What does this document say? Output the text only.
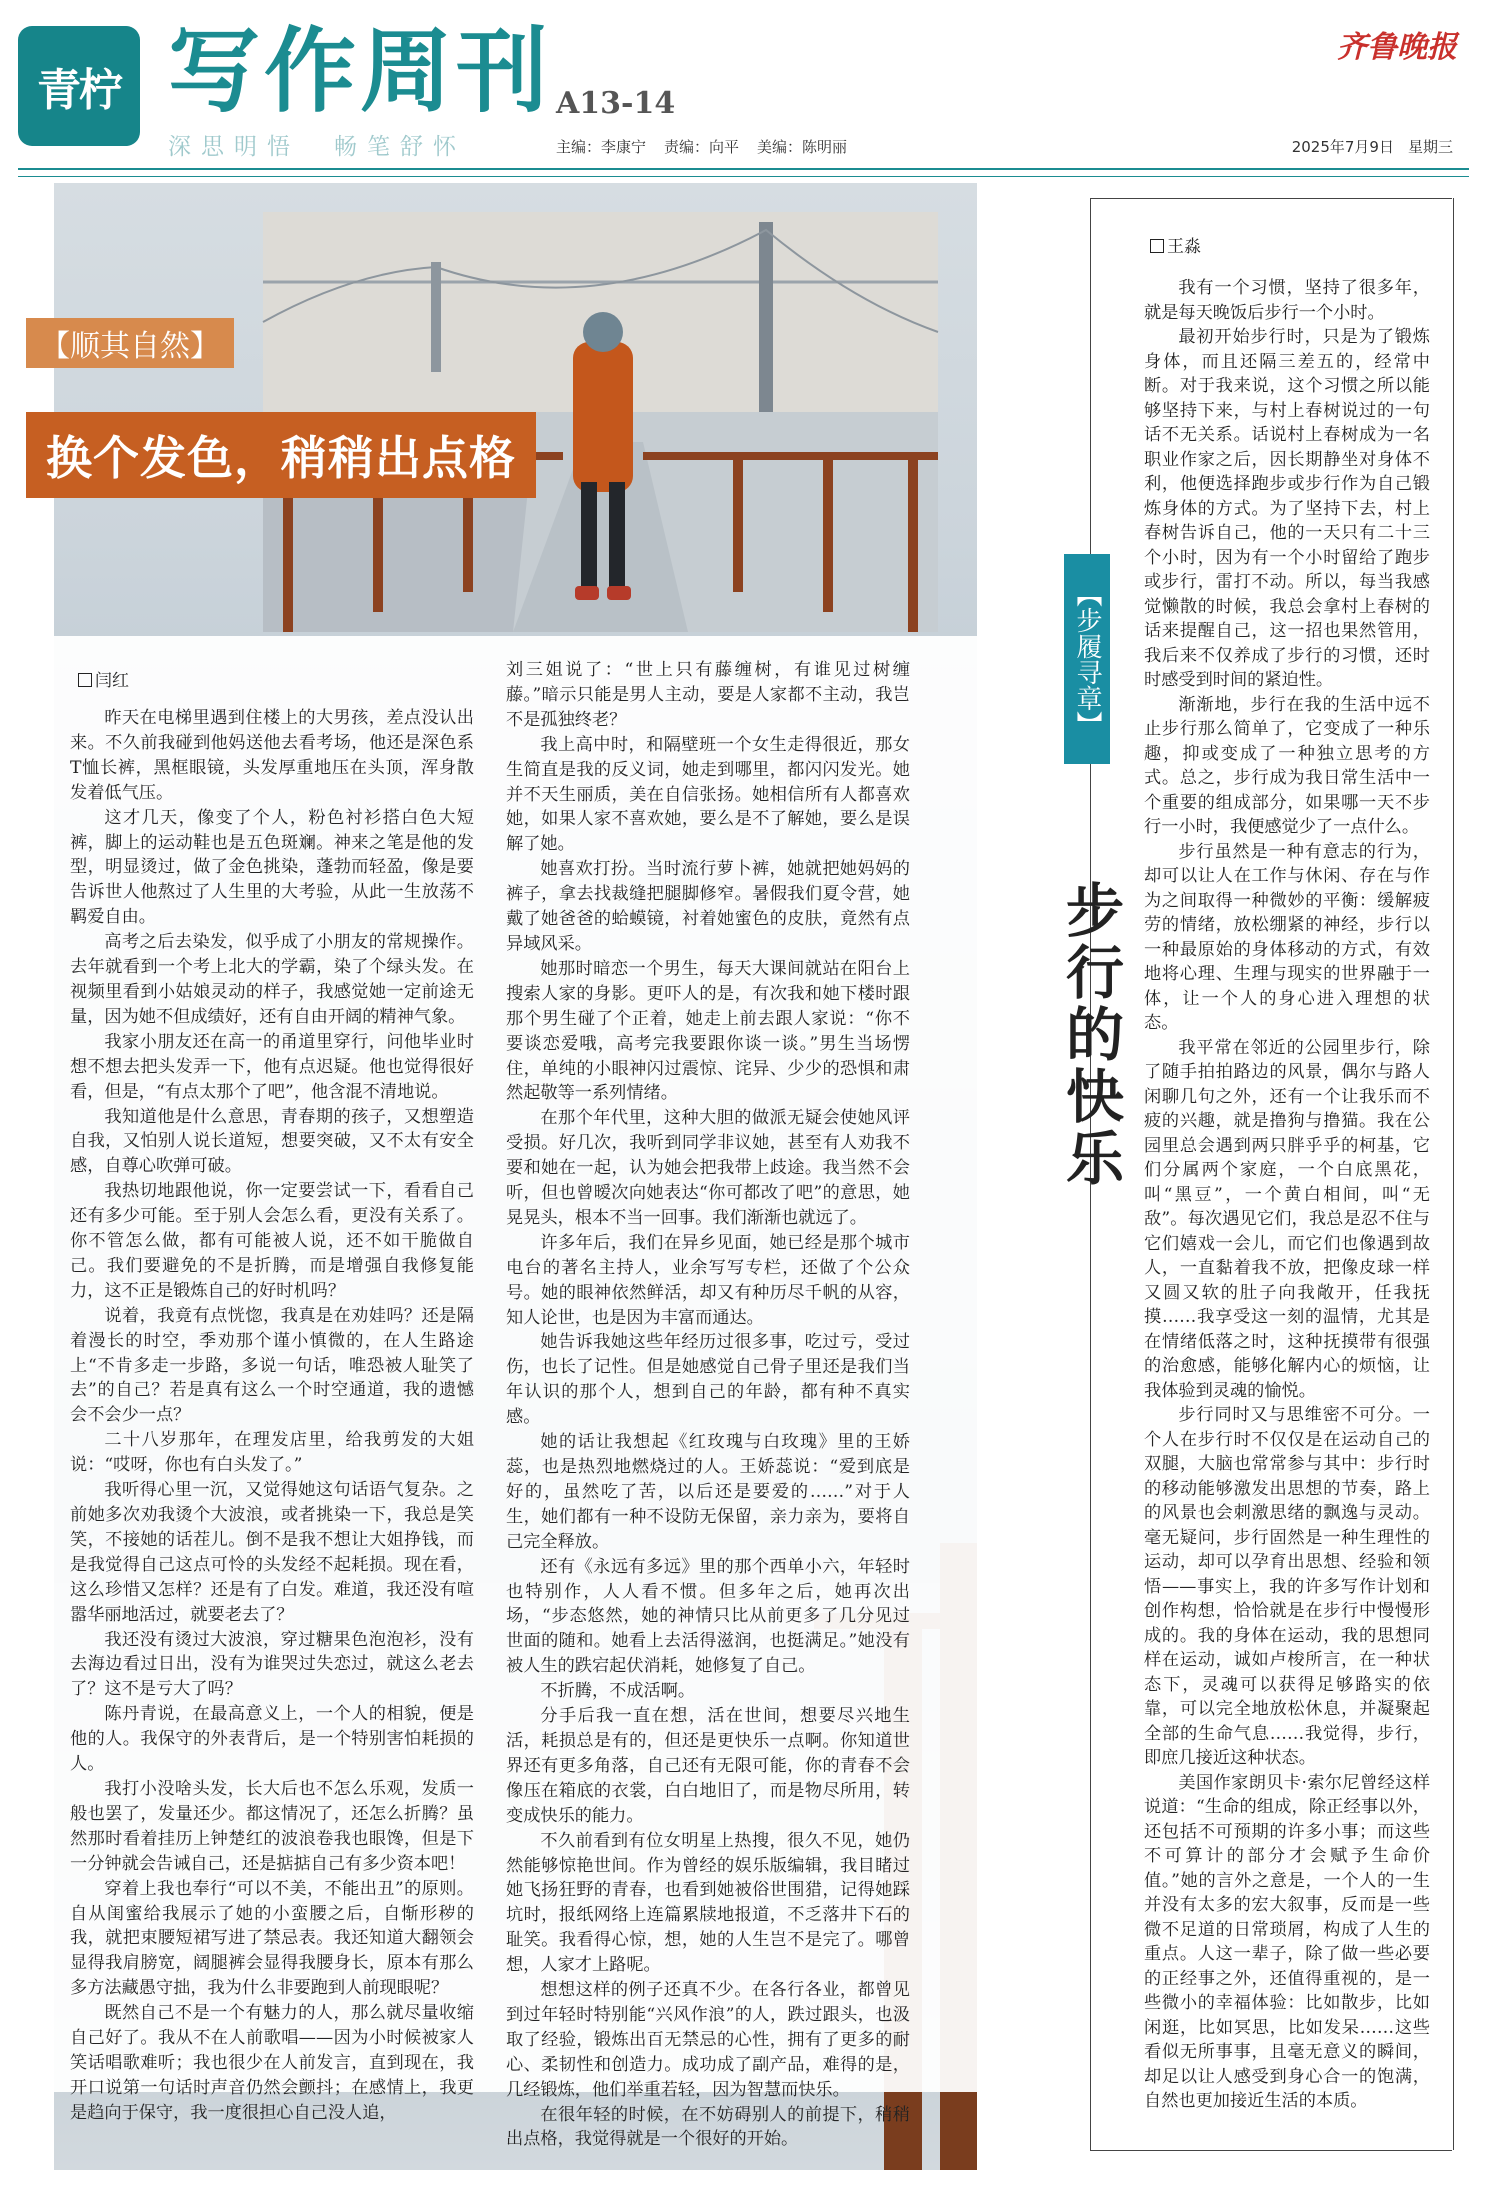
青柠 写作周刊 A13-14
深思明悟 畅笔舒怀	主编：李康宁 责编：向平 美编：陈明丽
齐鲁晚报
2025年7月9日 星期三
【顺其自然】
换个发色，稍稍出点格
闫红

昨天在电梯里遇到住楼上的大男孩，差点没认出来。不久前我碰到他妈送他去看考场，他还是深色系T恤长裤，黑框眼镜，头发厚重地压在头顶，浑身散发着低气压。

这才几天，像变了个人，粉色衬衫搭白色大短裤，脚上的运动鞋也是五色斑斓。神来之笔是他的发型，明显烫过，做了金色挑染，蓬勃而轻盈，像是要告诉世人他熬过了人生里的大考验，从此一生放荡不羁爱自由。

高考之后去染发，似乎成了小朋友的常规操作。去年就看到一个考上北大的学霸，染了个绿头发。在视频里看到小姑娘灵动的样子，我感觉她一定前途无量，因为她不但成绩好，还有自由开阔的精神气象。

我家小朋友还在高一的甬道里穿行，问他毕业时想不想去把头发弄一下，他有点迟疑。他也觉得很好看，但是，“有点太那个了吧”，他含混不清地说。

我知道他是什么意思，青春期的孩子，又想塑造自我，又怕别人说长道短，想要突破，又不太有安全感，自尊心吹弹可破。

我热切地跟他说，你一定要尝试一下，看看自己还有多少可能。至于别人会怎么看，更没有关系了。你不管怎么做，都有可能被人说，还不如干脆做自己。我们要避免的不是折腾，而是增强自我修复能力，这不正是锻炼自己的好时机吗？

说着，我竟有点恍惚，我真是在劝娃吗？还是隔着漫长的时空，季劝那个谨小慎微的，在人生路途上“不肯多走一步路，多说一句话，唯恐被人耻笑了去”的自己？若是真有这么一个时空通道，我的遗憾会不会少一点？

二十八岁那年，在理发店里，给我剪发的大姐说：“哎呀，你也有白头发了。”

我听得心里一沉，又觉得她这句话语气复杂。之前她多次劝我烫个大波浪，或者挑染一下，我总是笑笑，不接她的话茬儿。倒不是我不想让大姐挣钱，而是我觉得自己这点可怜的头发经不起耗损。现在看，这么珍惜又怎样？还是有了白发。难道，我还没有喧嚣华丽地活过，就要老去了？

我还没有烫过大波浪，穿过糖果色泡泡衫，没有去海边看过日出，没有为谁哭过失恋过，就这么老去了？这不是亏大了吗？

陈丹青说，在最高意义上，一个人的相貌，便是他的人。我保守的外表背后，是一个特别害怕耗损的人。

我打小没啥头发，长大后也不怎么乐观，发质一般也罢了，发量还少。都这情况了，还怎么折腾？虽然那时看着挂历上钟楚红的波浪卷我也眼馋，但是下一分钟就会告诫自己，还是掂掂自己有多少资本吧！

穿着上我也奉行“可以不美，不能出丑”的原则。自从闺蜜给我展示了她的小蛮腰之后，自惭形秽的我，就把束腰短裙写进了禁忌表。我还知道大翻领会显得我肩膀宽，阔腿裤会显得我腰身长，原本有那么多方法藏愚守拙，我为什么非要跑到人前现眼呢？

既然自己不是一个有魅力的人，那么就尽量收缩自己好了。我从不在人前歌唱——因为小时候被家人笑话唱歌难听；我也很少在人前发言，直到现在，我开口说第一句话时声音仍然会颤抖；在感情上，我更是趋向于保守，我一度很担心自己没人追，

刘三姐说了：“世上只有藤缠树，有谁见过树缠藤。”暗示只能是男人主动，要是人家都不主动，我岂不是孤独终老？

我上高中时，和隔壁班一个女生走得很近，那女生简直是我的反义词，她走到哪里，都闪闪发光。她并不天生丽质，美在自信张扬。她相信所有人都喜欢她，如果人家不喜欢她，要么是不了解她，要么是误解了她。

她喜欢打扮。当时流行萝卜裤，她就把她妈妈的裤子，拿去找裁缝把腿脚修窄。暑假我们夏令营，她戴了她爸爸的蛤蟆镜，衬着她蜜色的皮肤，竟然有点异域风采。

她那时暗恋一个男生，每天大课间就站在阳台上搜索人家的身影。更吓人的是，有次我和她下楼时跟那个男生碰了个正着，她走上前去跟人家说：“你不要谈恋爱哦，高考完我要跟你谈一谈。”男生当场愣住，单纯的小眼神闪过震惊、诧异、少少的恐惧和肃然起敬等一系列情绪。

在那个年代里，这种大胆的做派无疑会使她风评受损。好几次，我听到同学非议她，甚至有人劝我不要和她在一起，认为她会把我带上歧途。我当然不会听，但也曾暧次向她表达“你可都改了吧”的意思，她晃晃头，根本不当一回事。我们渐渐也就远了。

许多年后，我们在异乡见面，她已经是那个城市电台的著名主持人，业余写写专栏，还做了个公众号。她的眼神依然鲜活，却又有种历尽千帆的从容，知人论世，也是因为丰富而通达。

她告诉我她这些年经历过很多事，吃过亏，受过伤，也长了记性。但是她感觉自己骨子里还是我们当年认识的那个人，想到自己的年龄，都有种不真实感。

她的话让我想起《红玫瑰与白玫瑰》里的王娇蕊，也是热烈地燃烧过的人。王娇蕊说：“爱到底是好的，虽然吃了苦，以后还是要爱的……”对于人生，她们都有一种不设防无保留，亲力亲为，要将自己完全释放。

还有《永远有多远》里的那个西单小六，年轻时也特别作，人人看不惯。但多年之后，她再次出场，“步态悠然，她的神情只比从前更多了几分见过世面的随和。她看上去活得滋润，也挺满足。”她没有被人生的跌宕起伏消耗，她修复了自己。

不折腾，不成活啊。

分手后我一直在想，活在世间，想要尽兴地生活，耗损总是有的，但还是更快乐一点啊。你知道世界还有更多角落，自己还有无限可能，你的青春不会像压在箱底的衣裳，白白地旧了，而是物尽所用，转变成快乐的能力。

不久前看到有位女明星上热搜，很久不见，她仍然能够惊艳世间。作为曾经的娱乐版编辑，我目睹过她飞扬狂野的青春，也看到她被俗世围猎，记得她踩坑时，报纸网络上连篇累牍地报道，不乏落井下石的耻笑。我看得心惊，想，她的人生岂不是完了。哪曾想，人家才上路呢。

想想这样的例子还真不少。在各行各业，都曾见到过年轻时特别能“兴风作浪”的人，跌过跟头，也汲取了经验，锻炼出百无禁忌的心性，拥有了更多的耐心、柔韧性和创造力。成功成了副产品，难得的是，几经锻炼，他们举重若轻，因为智慧而快乐。

在很年轻的时候，在不妨碍别人的前提下，稍稍出点格，我觉得就是一个很好的开始。

【步履寻章】
步行的快乐
王淼

我有一个习惯，坚持了很多年，就是每天晚饭后步行一个小时。

最初开始步行时，只是为了锻炼身体，而且还隔三差五的，经常中断。对于我来说，这个习惯之所以能够坚持下来，与村上春树说过的一句话不无关系。话说村上春树成为一名职业作家之后，因长期静坐对身体不利，他便选择跑步或步行作为自己锻炼身体的方式。为了坚持下去，村上春树告诉自己，他的一天只有二十三个小时，因为有一个小时留给了跑步或步行，雷打不动。所以，每当我感觉懒散的时候，我总会拿村上春树的话来提醒自己，这一招也果然管用，我后来不仅养成了步行的习惯，还时时感受到时间的紧迫性。

渐渐地，步行在我的生活中远不止步行那么简单了，它变成了一种乐趣，抑或变成了一种独立思考的方式。总之，步行成为我日常生活中一个重要的组成部分，如果哪一天不步行一小时，我便感觉少了一点什么。

步行虽然是一种有意志的行为，却可以让人在工作与休闲、存在与作为之间取得一种微妙的平衡：缓解疲劳的情绪，放松绷紧的神经，步行以一种最原始的身体移动的方式，有效地将心理、生理与现实的世界融于一体，让一个人的身心进入理想的状态。

我平常在邻近的公园里步行，除了随手拍拍路边的风景，偶尔与路人闲聊几句之外，还有一个让我乐而不疲的兴趣，就是撸狗与撸猫。我在公园里总会遇到两只胖乎乎的柯基，它们分属两个家庭，一个白底黑花，叫“黑豆”，一个黄白相间，叫“无敌”。每次遇见它们，我总是忍不住与它们嬉戏一会儿，而它们也像遇到故人，一直黏着我不放，把像皮球一样又圆又软的肚子向我敞开，任我抚摸……我享受这一刻的温情，尤其是在情绪低落之时，这种抚摸带有很强的治愈感，能够化解内心的烦恼，让我体验到灵魂的愉悦。

步行同时又与思维密不可分。一个人在步行时不仅仅是在运动自己的双腿，大脑也常常参与其中：步行时的移动能够激发出思想的节奏，路上的风景也会刺激思绪的飘逸与灵动。毫无疑问，步行固然是一种生理性的运动，却可以孕育出思想、经验和领悟——事实上，我的许多写作计划和创作构想，恰恰就是在步行中慢慢形成的。我的身体在运动，我的思想同样在运动，诚如卢梭所言，在一种状态下，灵魂可以获得足够路实的依靠，可以完全地放松休息，并凝聚起全部的生命气息……我觉得，步行，即庶几接近这种状态。

美国作家朗贝卡·索尔尼曾经这样说道：“生命的组成，除正经事以外，还包括不可预期的许多小事；而这些不可算计的部分才会赋予生命价值。”她的言外之意是，一个人的一生并没有太多的宏大叙事，反而是一些微不足道的日常琐屑，构成了人生的重点。人这一辈子，除了做一些必要的正经事之外，还值得重视的，是一些微小的幸福体验：比如散步，比如闲逛，比如冥思，比如发呆……这些看似无所事事，且毫无意义的瞬间，却足以让人感受到身心合一的饱满，自然也更加接近生活的本质。
